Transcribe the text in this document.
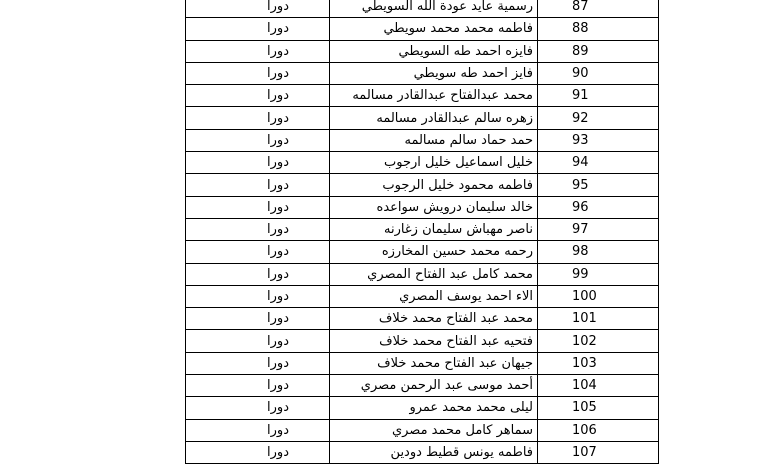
دورا	رسمية عايد عودة الله السويطي	87
دورا	فاطمه محمد محمد سويطي	88
دورا	فايزه احمد طه السويطي	89
دورا	فايز احمد طه سويطي	90
دورا	محمد عبدالفتاح عبدالقادر مسالمه	91
دورا	زهره سالم عبدالقادر مسالمه	92
دورا	حمد حماد سالم مسالمه	93
دورا	خليل اسماعيل خليل ارجوب	94
دورا	فاطمه محمود خليل الرجوب	95
دورا	خالد سليمان درويش سواعده	96
دورا	ناصر مهباش سليمان زغارنه	97
دورا	رحمه محمد حسين المخارزه	98
دورا	محمد كامل عبد الفتاح المصري	99
دورا	الاء احمد يوسف المصري	100
دورا	محمد عبد الفتاح محمد خلاف	101
دورا	فتحيه عبد الفتاح محمد خلاف	102
دورا	جيهان عبد الفتاح محمد خلاف	103
دورا	أحمد موسى عبد الرحمن مصري	104
دورا	ليلى محمد محمد عمرو	105
دورا	سماهر كامل محمد مصري	106
دورا	فاطمه يونس قطيط دودين	107
